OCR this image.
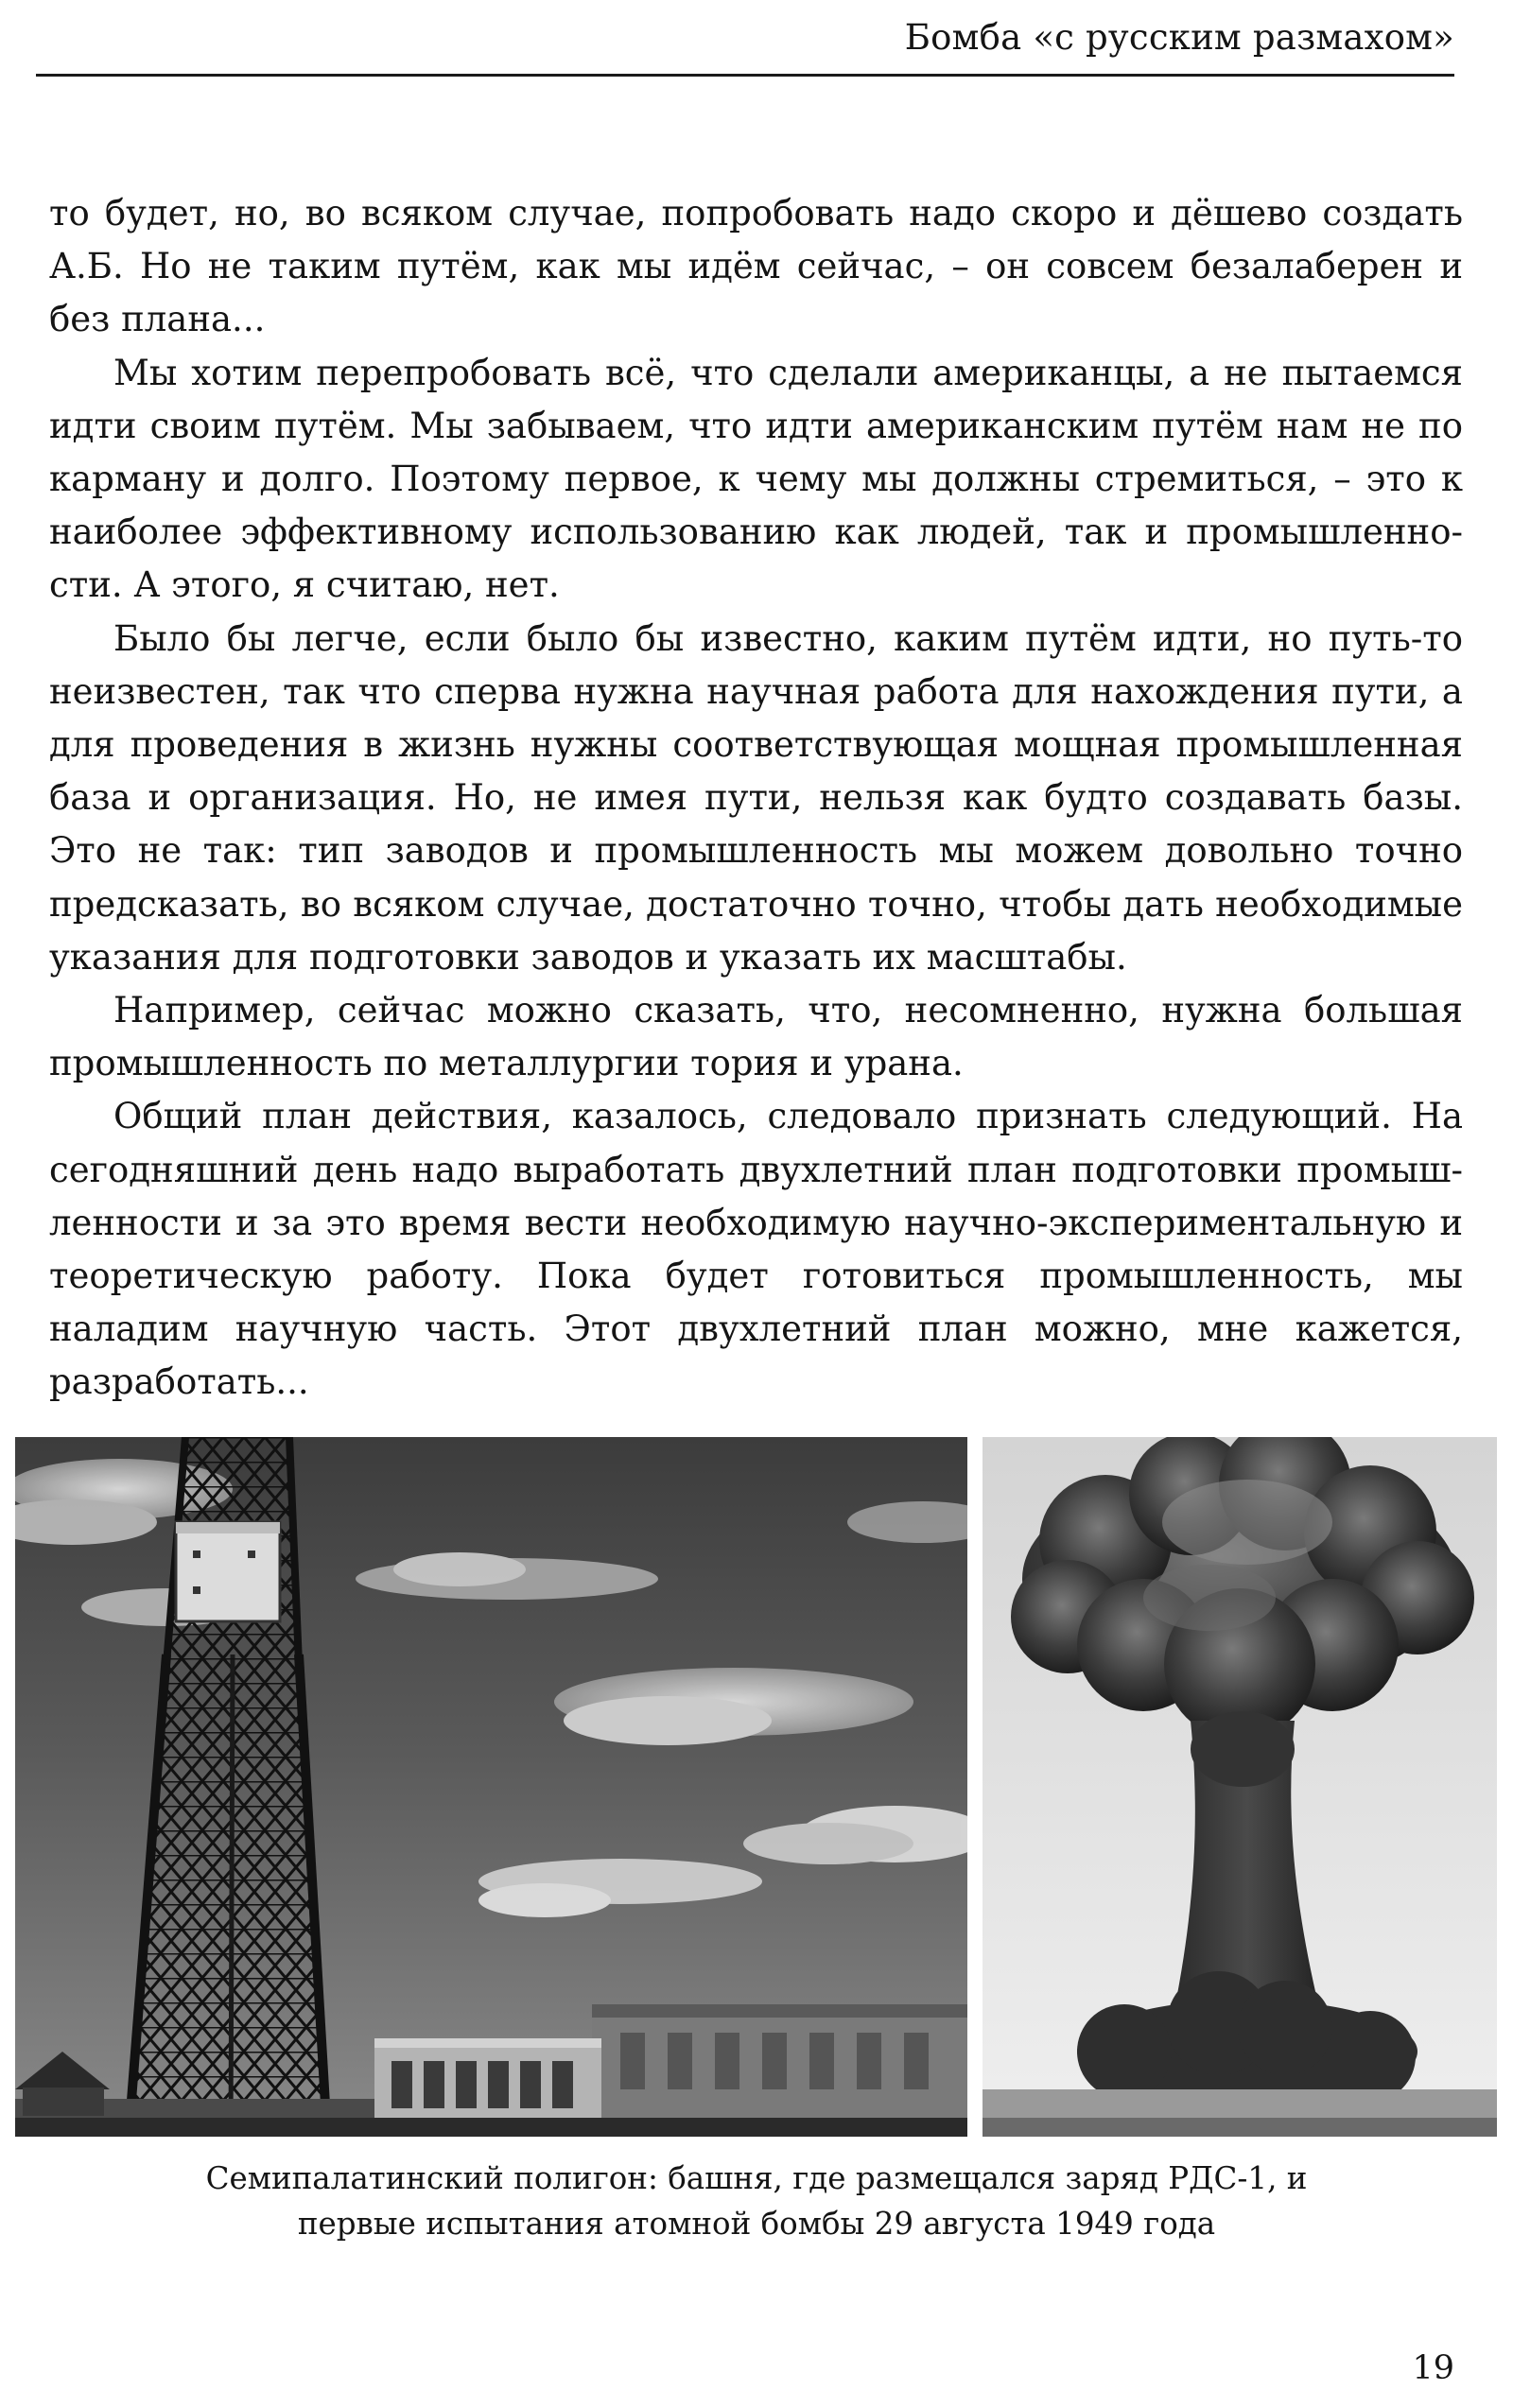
Бомба «с русским размахом»

то будет, но, во всяком случае, попробовать надо скоро и дёшево создать А.Б. Но не таким путём, как мы идём сейчас, – он совсем безалаберен и без плана...

Мы хотим перепробовать всё, что сделали американцы, а не пытаемся идти своим путём. Мы забываем, что идти американским путём нам не по карману и долго. Поэтому первое, к чему мы должны стремиться, – это к наиболее эффективному использованию как людей, так и промышленности. А этого, я считаю, нет.

Было бы легче, если было бы известно, каким путём идти, но путь-то неизвестен, так что сперва нужна научная работа для нахождения пути, а для проведения в жизнь нужны соответствующая мощная промышленная база и организация. Но, не имея пути, нельзя как будто создавать базы. Это не так: тип заводов и промышленность мы можем довольно точно предсказать, во всяком случае, достаточно точно, чтобы дать необходимые указания для подготовки заводов и указать их масштабы.

Например, сейчас можно сказать, что, несомненно, нужна большая промышленность по металлургии тория и урана.

Общий план действия, казалось, следовало признать следующий. На сегодняшний день надо выработать двухлетний план подготовки промышленности и за это время вести необходимую научно-экспериментальную и теоретическую работу. Пока будет готовиться промышленность, мы наладим научную часть. Этот двухлетний план можно, мне кажется, разработать...

Семипалатинский полигон: башня, где размещался заряд РДС-1, и
первые испытания атомной бомбы 29 августа 1949 года
19
